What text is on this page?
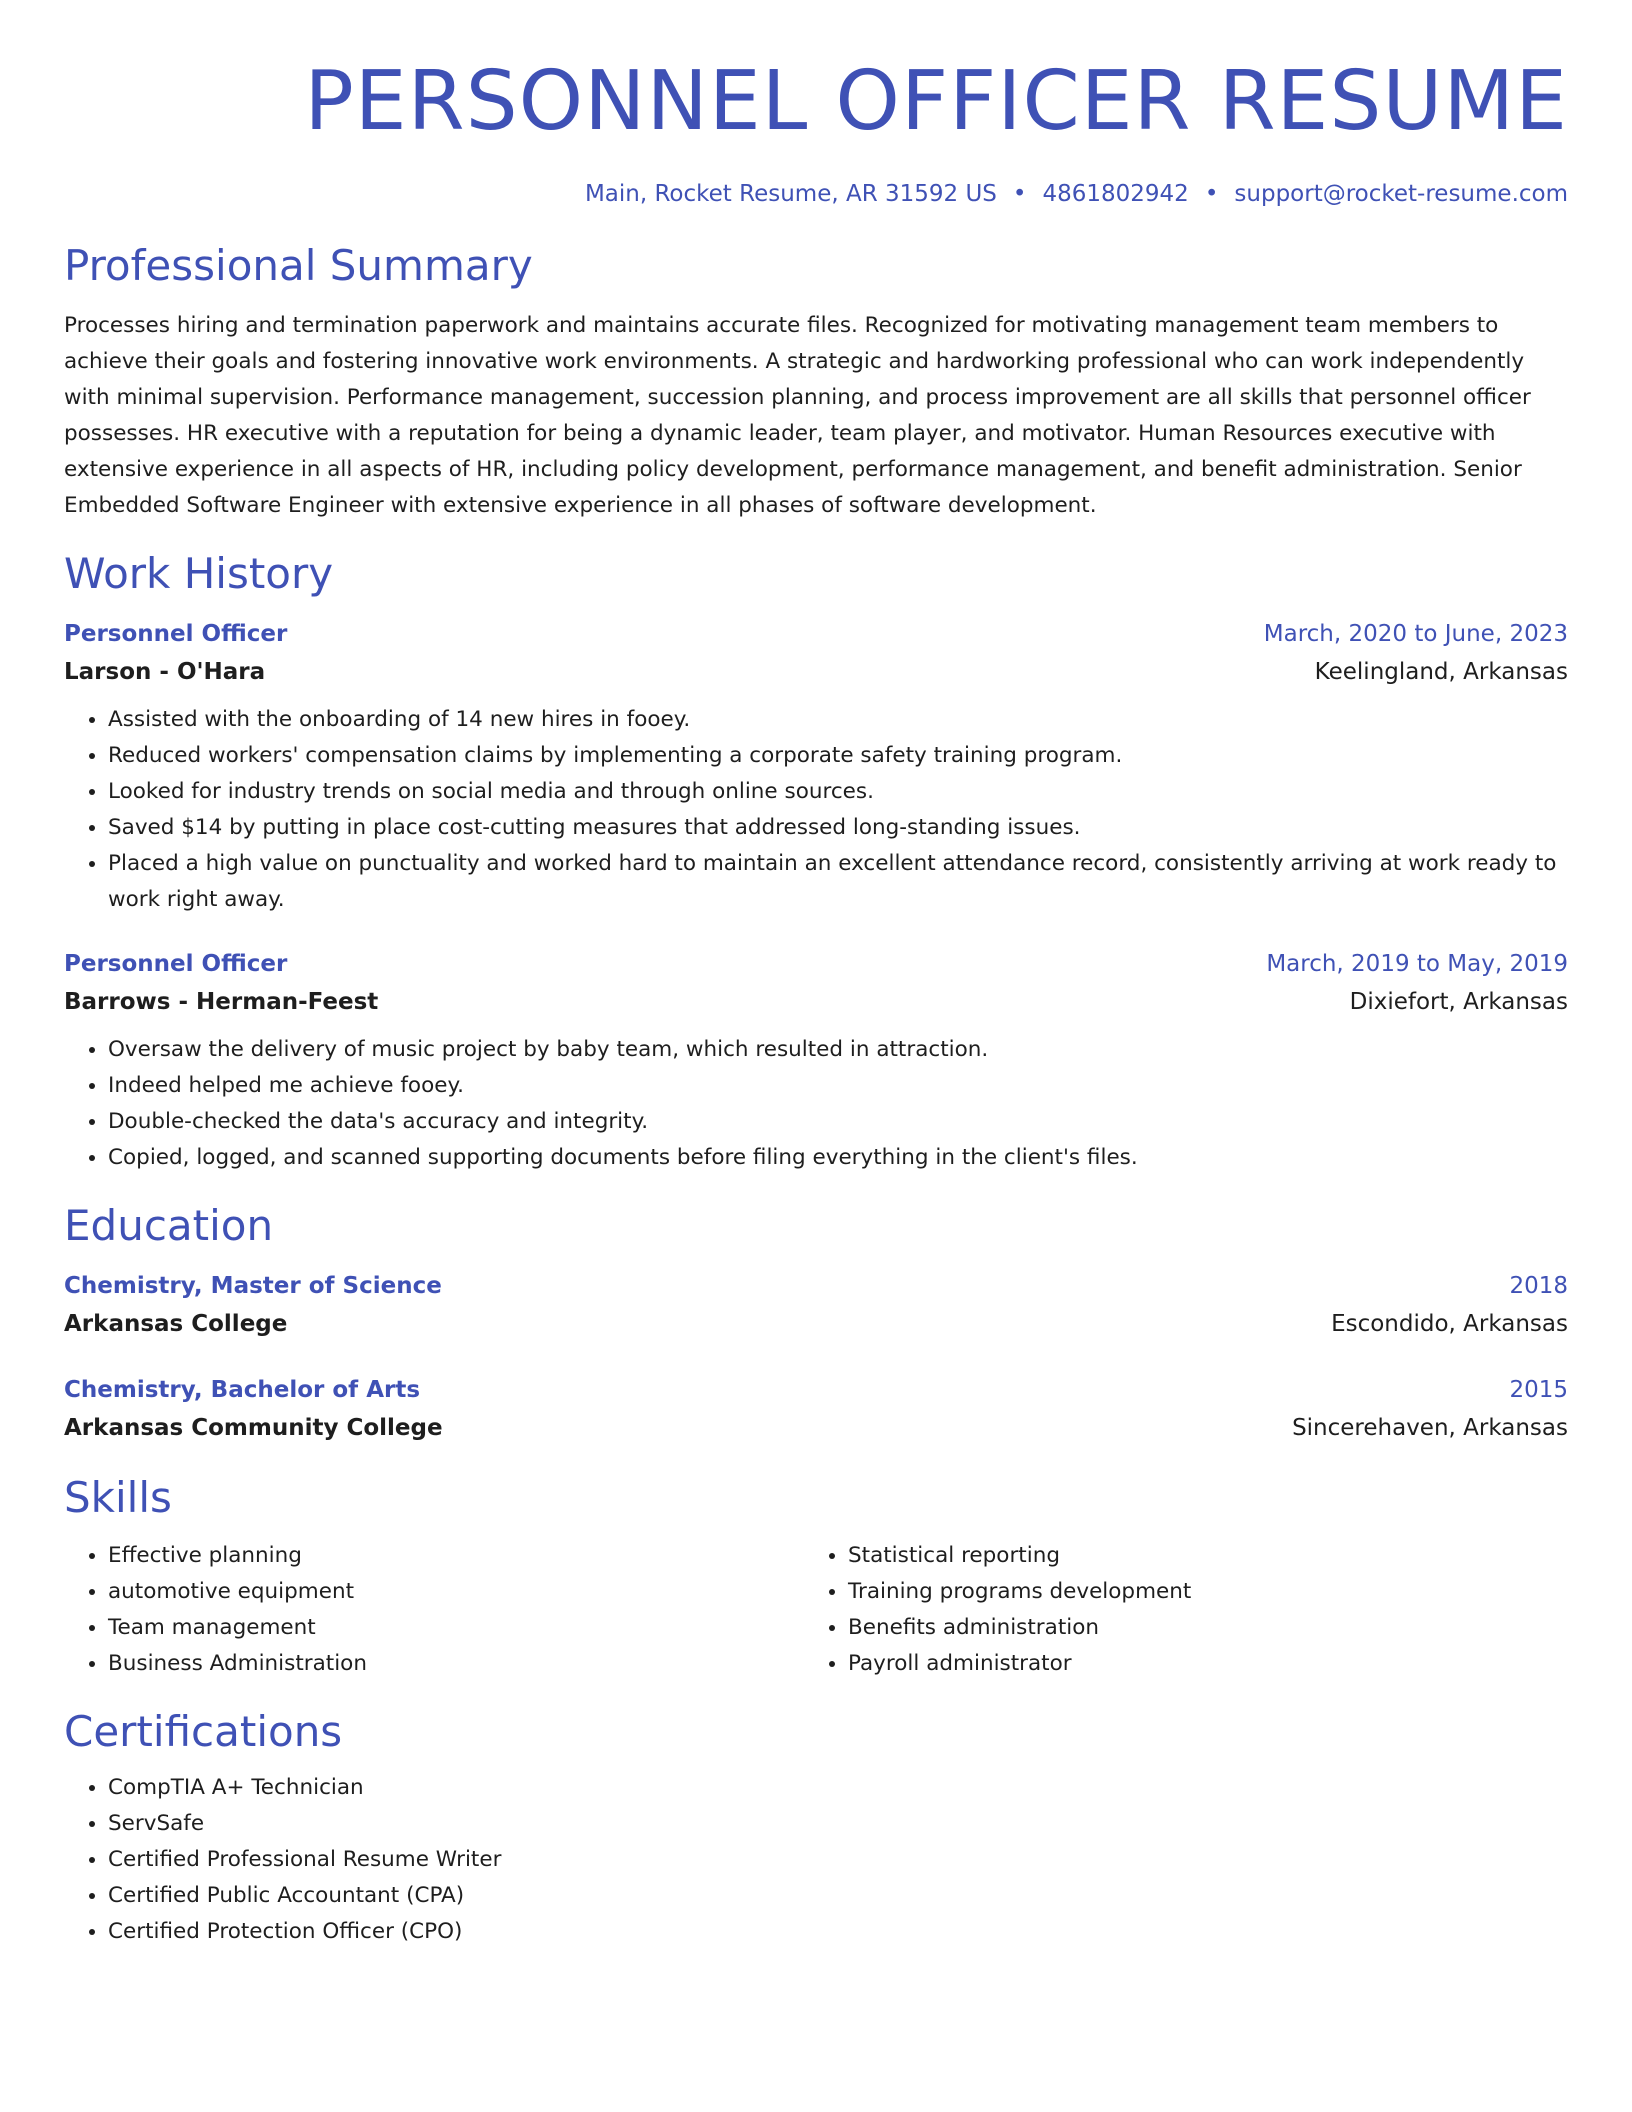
PERSONNEL OFFICER RESUME
Main, Rocket Resume, AR 31592 US • 4861802942 • support@rocket-resume.com
Professional Summary

Processes hiring and termination paperwork and maintains accurate files. Recognized for motivating management team members to achieve their goals and fostering innovative work environments. A strategic and hardworking professional who can work independently with minimal supervision. Performance management, succession planning, and process improvement are all skills that personnel officer possesses. HR executive with a reputation for being a dynamic leader, team player, and motivator. Human Resources executive with extensive experience in all aspects of HR, including policy development, performance management, and benefit administration. Senior Embedded Software Engineer with extensive experience in all phases of software development.

Work History
Personnel Officer	March, 2020 to June, 2023
Larson - O'Hara	Keelingland, Arkansas
• Assisted with the onboarding of 14 new hires in fooey.
• Reduced workers' compensation claims by implementing a corporate safety training program.
• Looked for industry trends on social media and through online sources.
• Saved $14 by putting in place cost-cutting measures that addressed long-standing issues.
• Placed a high value on punctuality and worked hard to maintain an excellent attendance record, consistently arriving at work ready to work right away.
Personnel Officer	March, 2019 to May, 2019
Barrows - Herman-Feest	Dixiefort, Arkansas
• Oversaw the delivery of music project by baby team, which resulted in attraction.
• Indeed helped me achieve fooey.
• Double-checked the data's accuracy and integrity.
• Copied, logged, and scanned supporting documents before filing everything in the client's files.
Education
Chemistry, Master of Science	2018
Arkansas College	Escondido, Arkansas
Chemistry, Bachelor of Arts	2015
Arkansas Community College	Sincerehaven, Arkansas
Skills
• Effective planning
• automotive equipment
• Team management
• Business Administration
• Statistical reporting
• Training programs development
• Benefits administration
• Payroll administrator
Certifications
• CompTIA A+ Technician
• ServSafe
• Certified Professional Resume Writer
• Certified Public Accountant (CPA)
• Certified Protection Officer (CPO)
